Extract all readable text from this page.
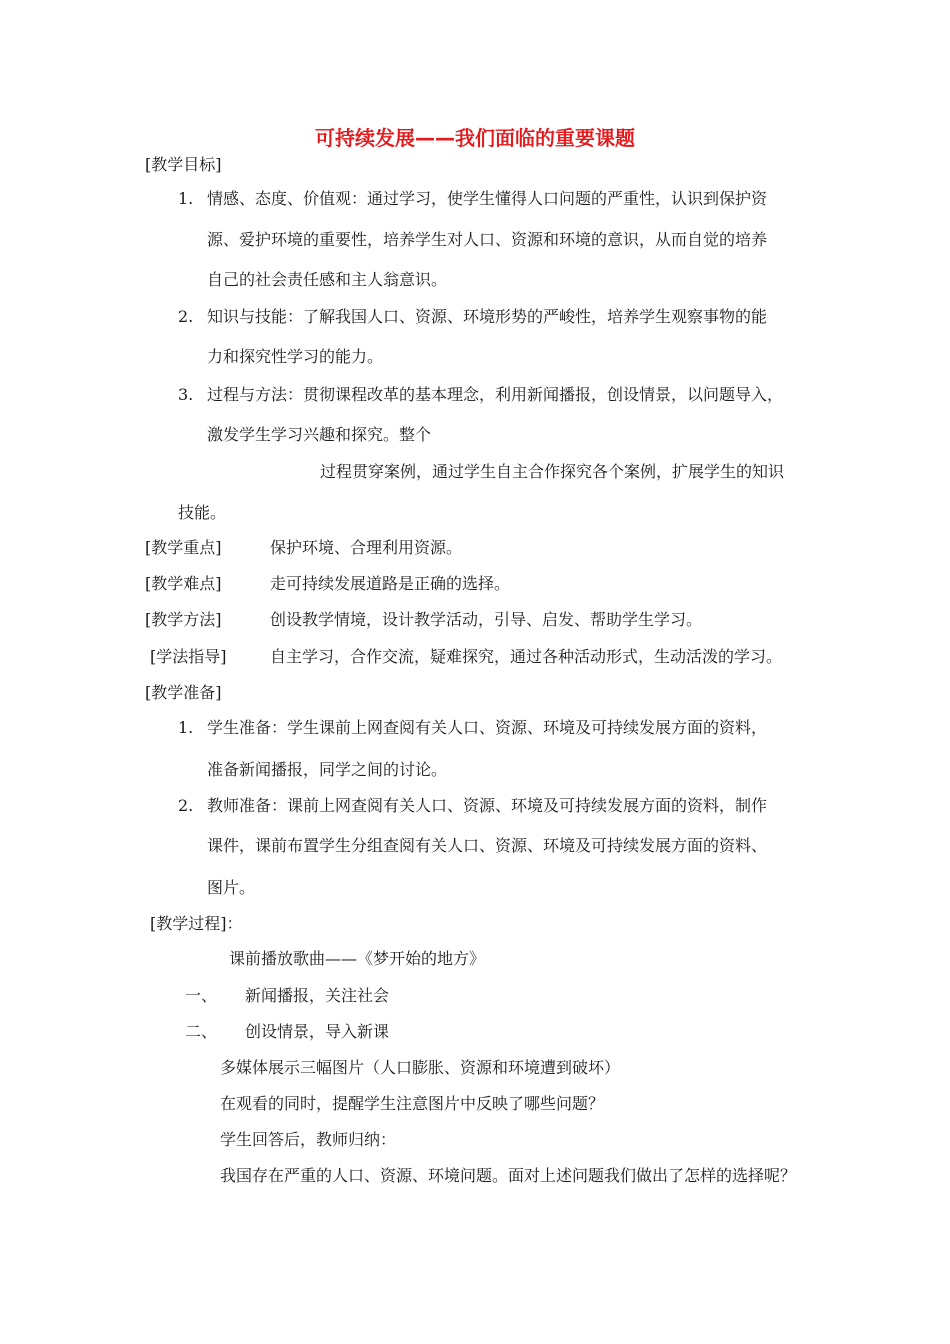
可持续发展——我们面临的重要课题
[教学目标]
1. 情感、态度、价值观：通过学习，使学生懂得人口问题的严重性，认识到保护资
源、爱护环境的重要性，培养学生对人口、资源和环境的意识，从而自觉的培养
自己的社会责任感和主人翁意识。
2. 知识与技能：了解我国人口、资源、环境形势的严峻性，培养学生观察事物的能
力和探究性学习的能力。
3. 过程与方法：贯彻课程改革的基本理念，利用新闻播报，创设情景，以问题导入，
激发学生学习兴趣和探究。整个
过程贯穿案例，通过学生自主合作探究各个案例，扩展学生的知识
技能。
[教学重点]	保护环境、合理利用资源。
[教学难点]	走可持续发展道路是正确的选择。
[教学方法]	创设教学情境，设计教学活动，引导、启发、帮助学生学习。
[学法指导]	自主学习，合作交流，疑难探究，通过各种活动形式，生动活泼的学习。
[教学准备]
1. 学生准备：学生课前上网查阅有关人口、资源、环境及可持续发展方面的资料，
准备新闻播报，同学之间的讨论。
2. 教师准备：课前上网查阅有关人口、资源、环境及可持续发展方面的资料，制作
课件，课前布置学生分组查阅有关人口、资源、环境及可持续发展方面的资料、
图片。
[教学过程]：
课前播放歌曲——《梦开始的地方》
一、 新闻播报，关注社会
二、 创设情景，导入新课
多媒体展示三幅图片（人口膨胀、资源和环境遭到破坏）
在观看的同时，提醒学生注意图片中反映了哪些问题？
学生回答后，教师归纳：
我国存在严重的人口、资源、环境问题。面对上述问题我们做出了怎样的选择呢？
